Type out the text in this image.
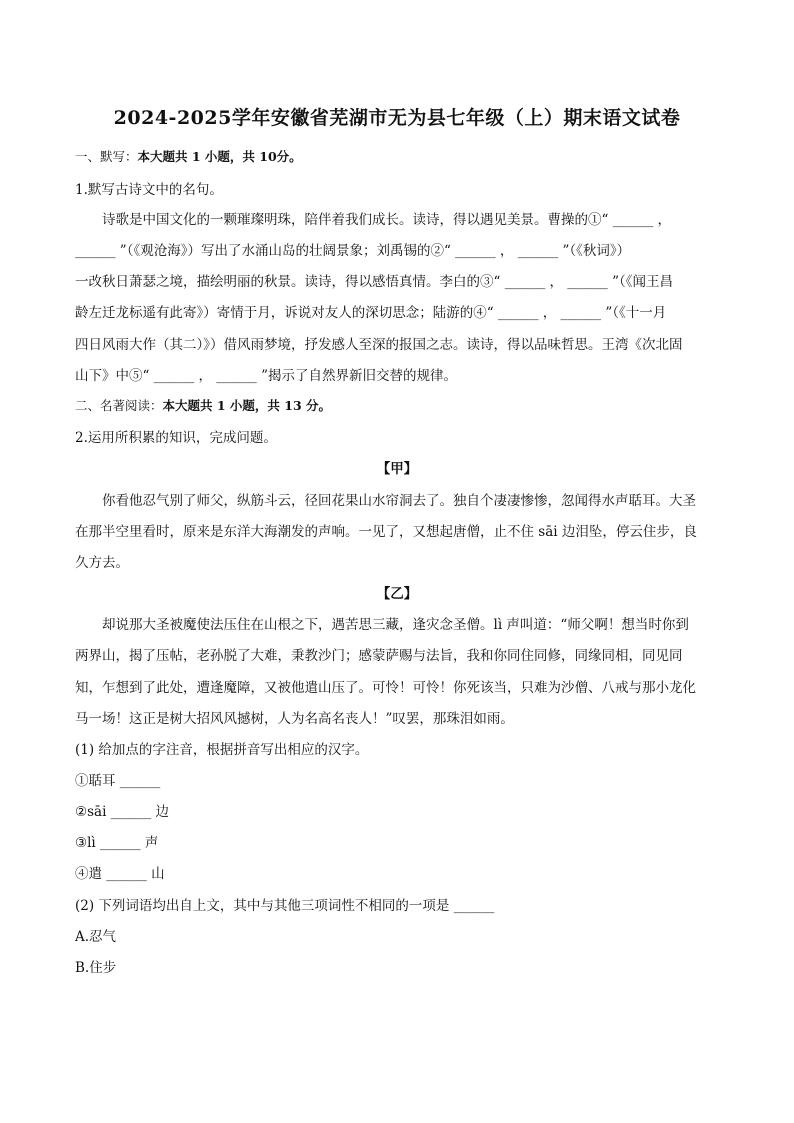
2024-2025学年安徽省芜湖市无为县七年级（上）期末语文试卷
一、默写：本大题共 1 小题，共 10分。
1.默写古诗文中的名句。
　　诗歌是中国文化的一颗璀璨明珠，陪伴着我们成长。读诗，得以遇见美景。曹操的①“ ______ ，
______ ”（《观沧海》）写出了水涌山岛的壮阔景象；刘禹锡的②“ ______ ， ______ ”（《秋词》）
一改秋日萧瑟之境，描绘明丽的秋景。读诗，得以感悟真情。李白的③“ ______ ， ______ ”（《闻王昌
龄左迁龙标遥有此寄》）寄情于月，诉说对友人的深切思念；陆游的④“ ______ ， ______ ”（《十一月
四日风雨大作（其二）》）借风雨梦境，抒发感人至深的报国之志。读诗，得以品味哲思。王湾《次北固
山下》中⑤“ ______ ， ______ ”揭示了自然界新旧交替的规律。
二、名著阅读：本大题共 1 小题，共 13 分。
2.运用所积累的知识，完成问题。
【甲】
　　你看他忍气别了师父，纵筋斗云，径回花果山水帘洞去了。独自个凄凄惨惨，忽闻得水声聒耳。大圣
在那半空里看时，原来是东洋大海潮发的声响。一见了，又想起唐僧，止不住 sāi 边泪坠，停云住步，良
久方去。
【乙】
　　却说那大圣被魔使法压住在山根之下，遇苦思三藏，逢灾念圣僧。lì 声叫道：“师父啊！想当时你到
两界山，揭了压帖，老孙脱了大难，秉教沙门；感蒙萨赐与法旨，我和你同住同修，同缘同相，同见同
知，乍想到了此处，遭逢魔障，又被他遣山压了。可怜！可怜！你死该当，只难为沙僧、八戒与那小龙化
马一场！这正是树大招风风撼树，人为名高名丧人！”叹罢，那珠泪如雨。
(1) 给加点的字注音，根据拼音写出相应的汉字。
①聒耳 ______
②sāi ______ 边
③lì ______ 声
④遣 ______ 山
(2) 下列词语均出自上文，其中与其他三项词性不相同的一项是 ______
A.忍气
B.住步
